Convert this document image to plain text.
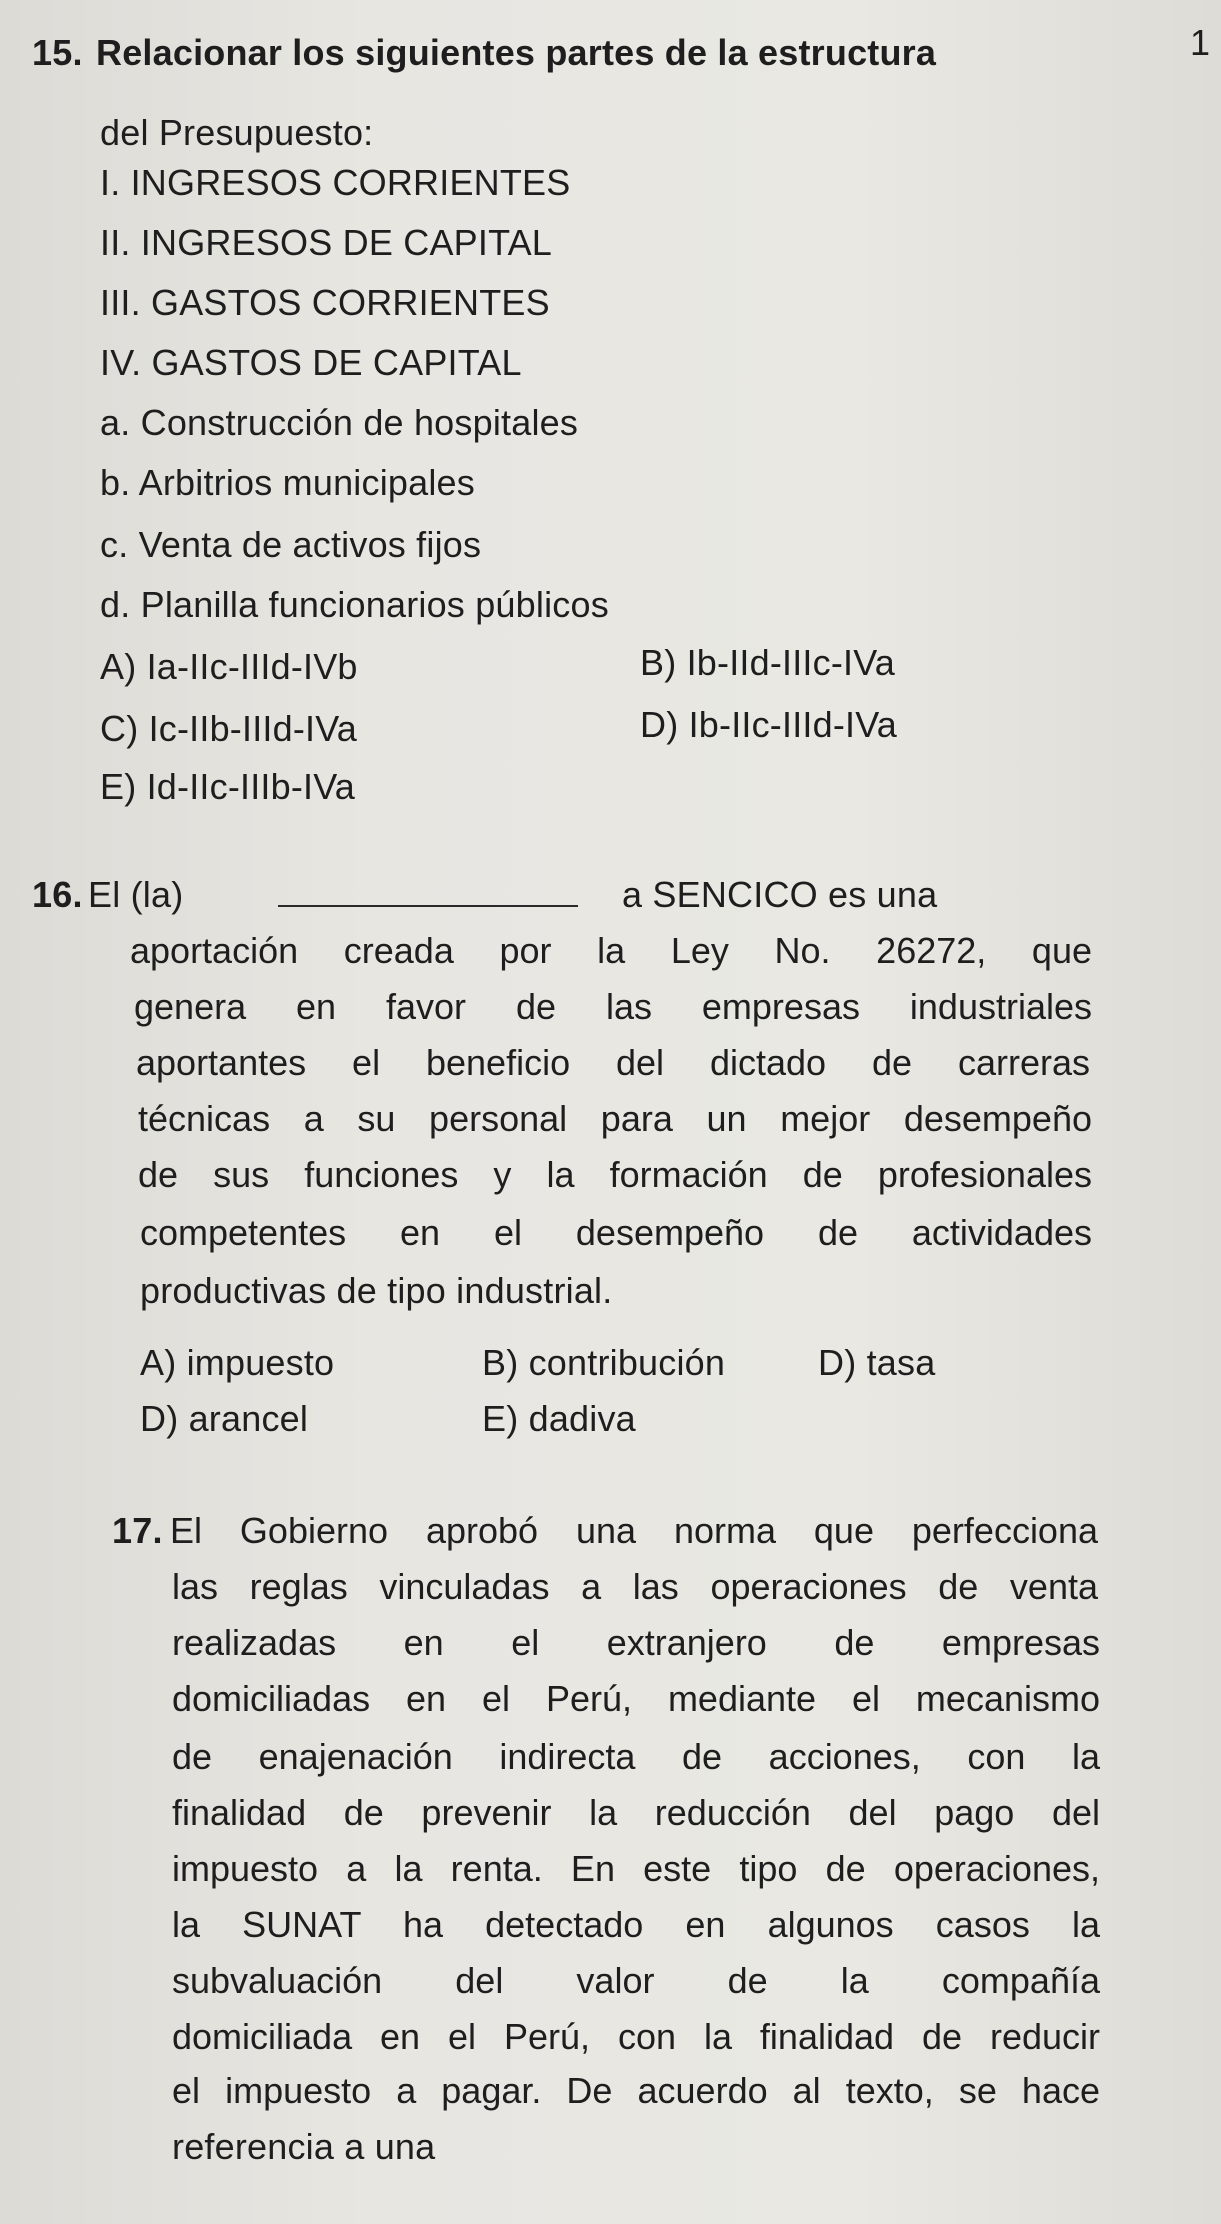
1
15. Relacionar los siguientes partes de la estructura
del Presupuesto:
I. INGRESOS CORRIENTES
II. INGRESOS DE CAPITAL
III. GASTOS CORRIENTES
IV. GASTOS DE CAPITAL
a. Construcción de hospitales
b. Arbitrios municipales
c. Venta de activos fijos
d. Planilla funcionarios públicos
A) Ia-IIc-IIId-IVb	B) Ib-IId-IIIc-IVa
C) Ic-IIb-IIId-IVa	D) Ib-IIc-IIId-IVa
E) Id-IIc-IIIb-IVa
16. El (la)	a SENCICO es una
aportación creada por la Ley No. 26272, que
genera en favor de las empresas industriales
aportantes el beneficio del dictado de carreras
técnicas a su personal para un mejor desempeño
de sus funciones y la formación de profesionales
competentes en el desempeño de actividades
productivas de tipo industrial.
A) impuesto	B) contribución	D) tasa
D) arancel	E) dadiva
17. El Gobierno aprobó una norma que perfecciona
las reglas vinculadas a las operaciones de venta
realizadas en el extranjero de empresas
domiciliadas en el Perú, mediante el mecanismo
de enajenación indirecta de acciones, con la
finalidad de prevenir la reducción del pago del
impuesto a la renta. En este tipo de operaciones,
la SUNAT ha detectado en algunos casos la
subvaluación del valor de la compañía
domiciliada en el Perú, con la finalidad de reducir
el impuesto a pagar. De acuerdo al texto, se hace
referencia a una
